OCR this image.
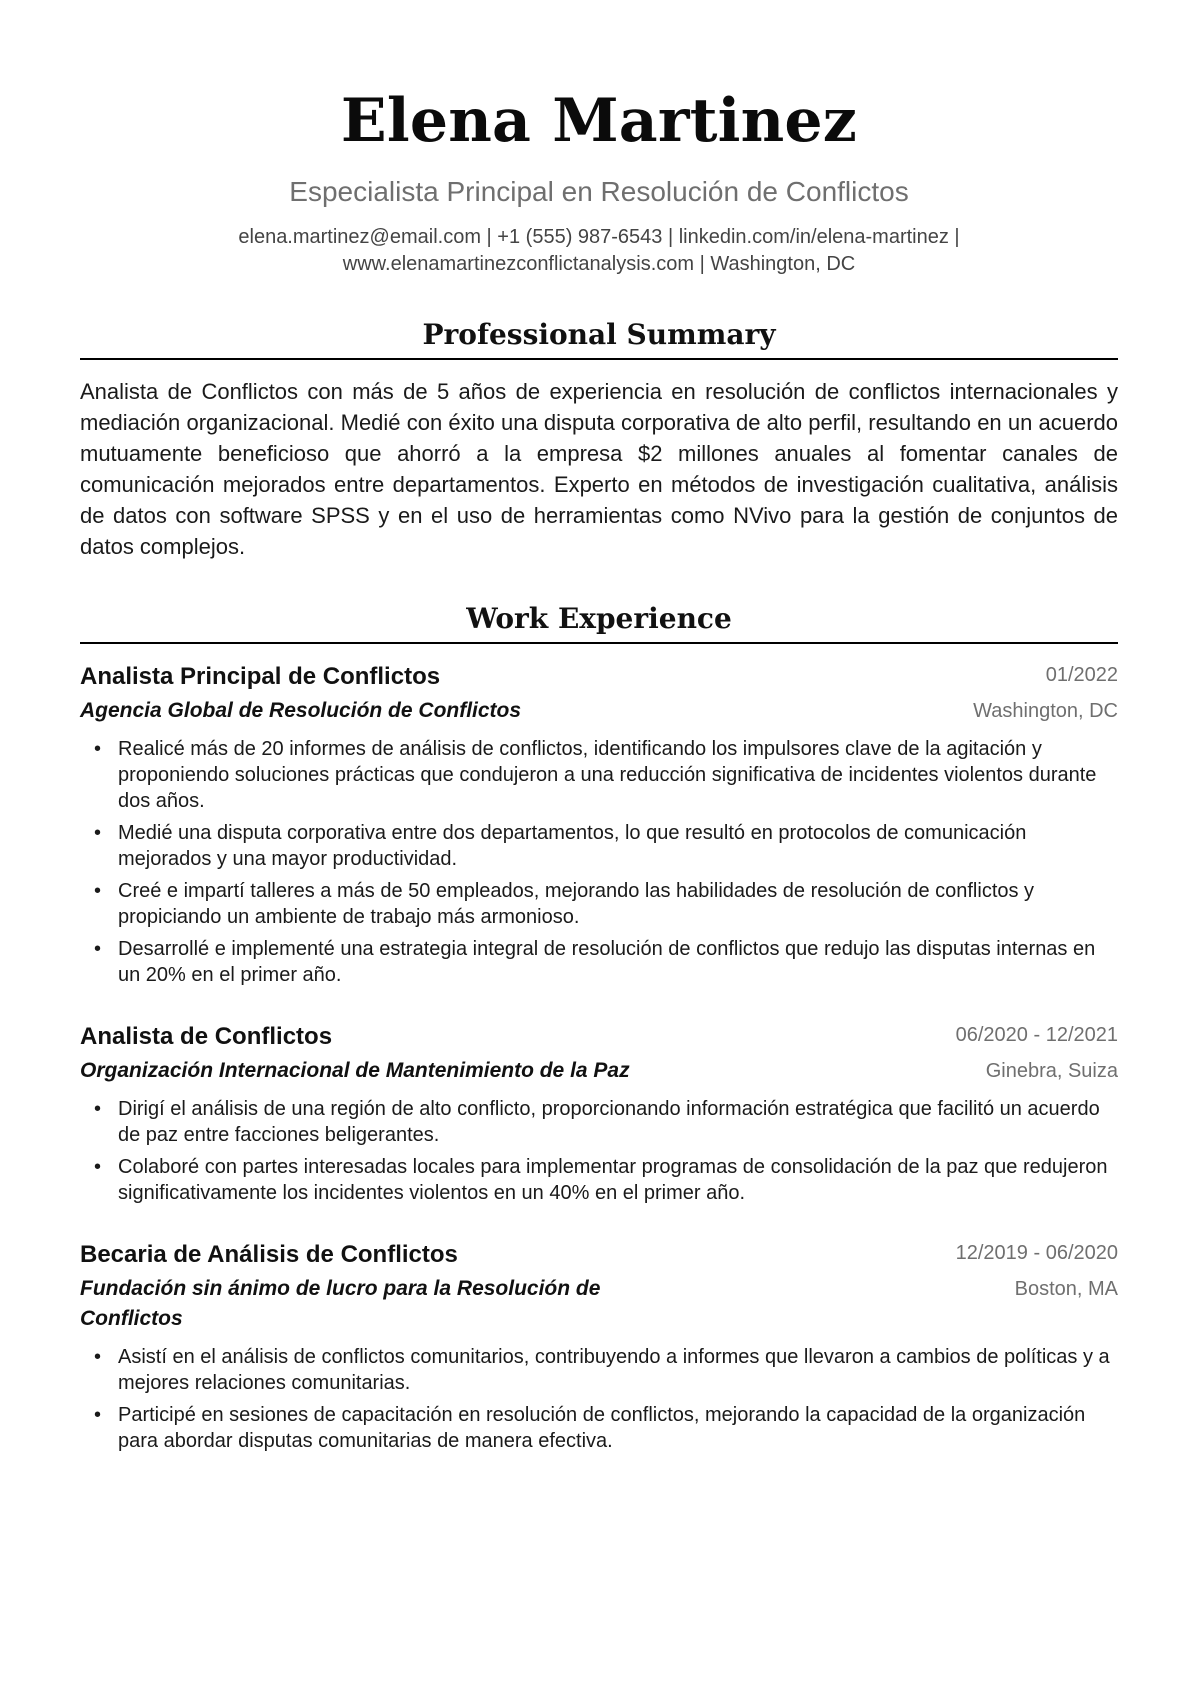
Elena Martinez
Especialista Principal en Resolución de Conflictos
elena.martinez@email.com | +1 (555) 987-6543 | linkedin.com/in/elena-martinez |
www.elenamartinezconflictanalysis.com | Washington, DC
Professional Summary

Analista de Conflictos con más de 5 años de experiencia en resolución de conflictos internacionales y mediación organizacional. Medié con éxito una disputa corporativa de alto perfil, resultando en un acuerdo mutuamente beneficioso que ahorró a la empresa $2 millones anuales al fomentar canales de comunicación mejorados entre departamentos. Experto en métodos de investigación cualitativa, análisis de datos con software SPSS y en el uso de herramientas como NVivo para la gestión de conjuntos de datos complejos.

Work Experience
Analista Principal de Conflictos	01/2022
Agencia Global de Resolución de Conflictos	Washington, DC
• Realicé más de 20 informes de análisis de conflictos, identificando los impulsores clave de la agitación y proponiendo soluciones prácticas que condujeron a una reducción significativa de incidentes violentos durante dos años.
• Medié una disputa corporativa entre dos departamentos, lo que resultó en protocolos de comunicación mejorados y una mayor productividad.
• Creé e impartí talleres a más de 50 empleados, mejorando las habilidades de resolución de conflictos y propiciando un ambiente de trabajo más armonioso.
• Desarrollé e implementé una estrategia integral de resolución de conflictos que redujo las disputas internas en un 20% en el primer año.
Analista de Conflictos	06/2020 - 12/2021
Organización Internacional de Mantenimiento de la Paz	Ginebra, Suiza
• Dirigí el análisis de una región de alto conflicto, proporcionando información estratégica que facilitó un acuerdo de paz entre facciones beligerantes.
• Colaboré con partes interesadas locales para implementar programas de consolidación de la paz que redujeron significativamente los incidentes violentos en un 40% en el primer año.
Becaria de Análisis de Conflictos	12/2019 - 06/2020
Fundación sin ánimo de lucro para la Resolución de Conflictos
Boston, MA
• Asistí en el análisis de conflictos comunitarios, contribuyendo a informes que llevaron a cambios de políticas y a mejores relaciones comunitarias.
• Participé en sesiones de capacitación en resolución de conflictos, mejorando la capacidad de la organización para abordar disputas comunitarias de manera efectiva.
